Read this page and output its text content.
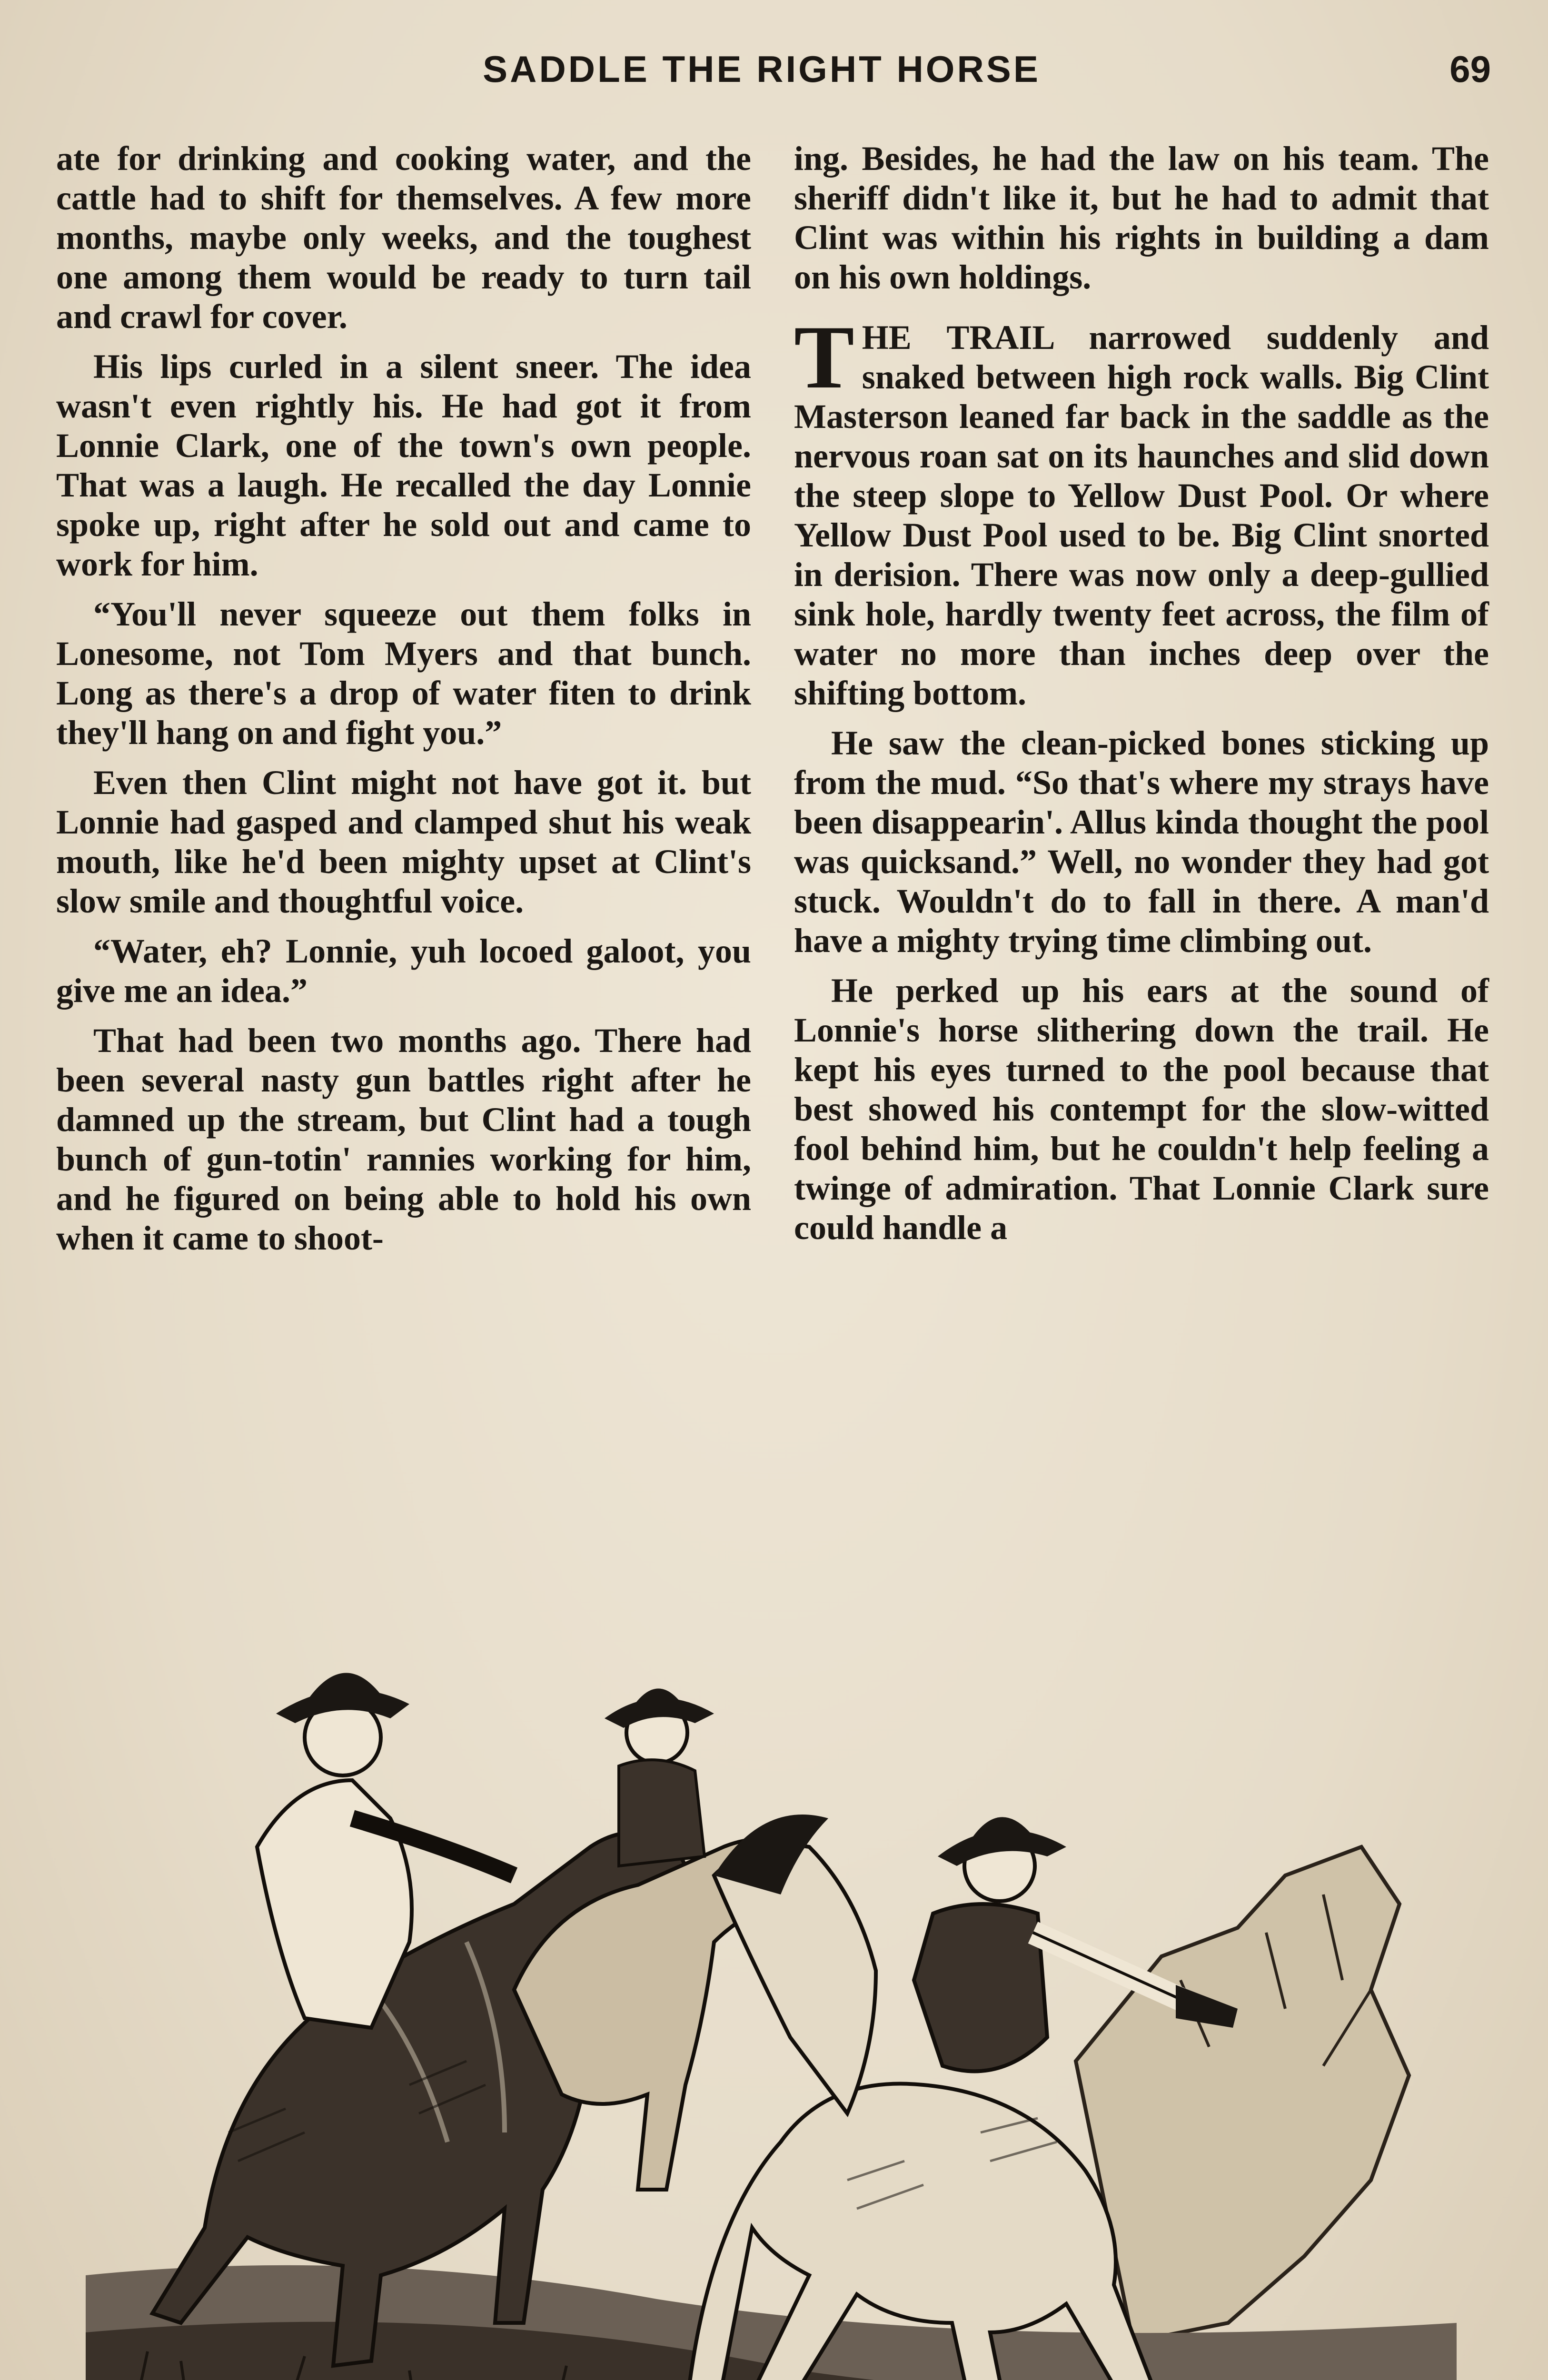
SADDLE THE RIGHT HORSE	69

ate for drinking and cooking water, and the cattle had to shift for themselves. A few more months, maybe only weeks, and the toughest one among them would be ready to turn tail and crawl for cover.

His lips curled in a silent sneer. The idea wasn't even rightly his. He had got it from Lonnie Clark, one of the town's own people. That was a laugh. He recalled the day Lonnie spoke up, right after he sold out and came to work for him.

“You'll never squeeze out them folks in Lonesome, not Tom Myers and that bunch. Long as there's a drop of water fiten to drink they'll hang on and fight you.”

Even then Clint might not have got it. but Lonnie had gasped and clamped shut his weak mouth, like he'd been mighty upset at Clint's slow smile and thoughtful voice.

“Water, eh? Lonnie, yuh locoed galoot, you give me an idea.”

That had been two months ago. There had been several nasty gun battles right after he damned up the stream, but Clint had a tough bunch of gun-totin' rannies working for him, and he figured on being able to hold his own when it came to shoot-

ing. Besides, he had the law on his team. The sheriff didn't like it, but he had to admit that Clint was within his rights in building a dam on his own holdings.

THE TRAIL narrowed suddenly and snaked between high rock walls. Big Clint Masterson leaned far back in the saddle as the nervous roan sat on its haunches and slid down the steep slope to Yellow Dust Pool. Or where Yellow Dust Pool used to be. Big Clint snorted in derision. There was now only a deep-gullied sink hole, hardly twenty feet across, the film of water no more than inches deep over the shifting bottom.

He saw the clean-picked bones sticking up from the mud. “So that's where my strays have been disappearin'. Allus kinda thought the pool was quicksand.” Well, no wonder they had got stuck. Wouldn't do to fall in there. A man'd have a mighty trying time climbing out.

He perked up his ears at the sound of Lonnie's horse slithering down the trail. He kept his eyes turned to the pool because that best showed his contempt for the slow-witted fool behind him, but he couldn't help feeling a twinge of admiration. That Lonnie Clark sure could handle a
